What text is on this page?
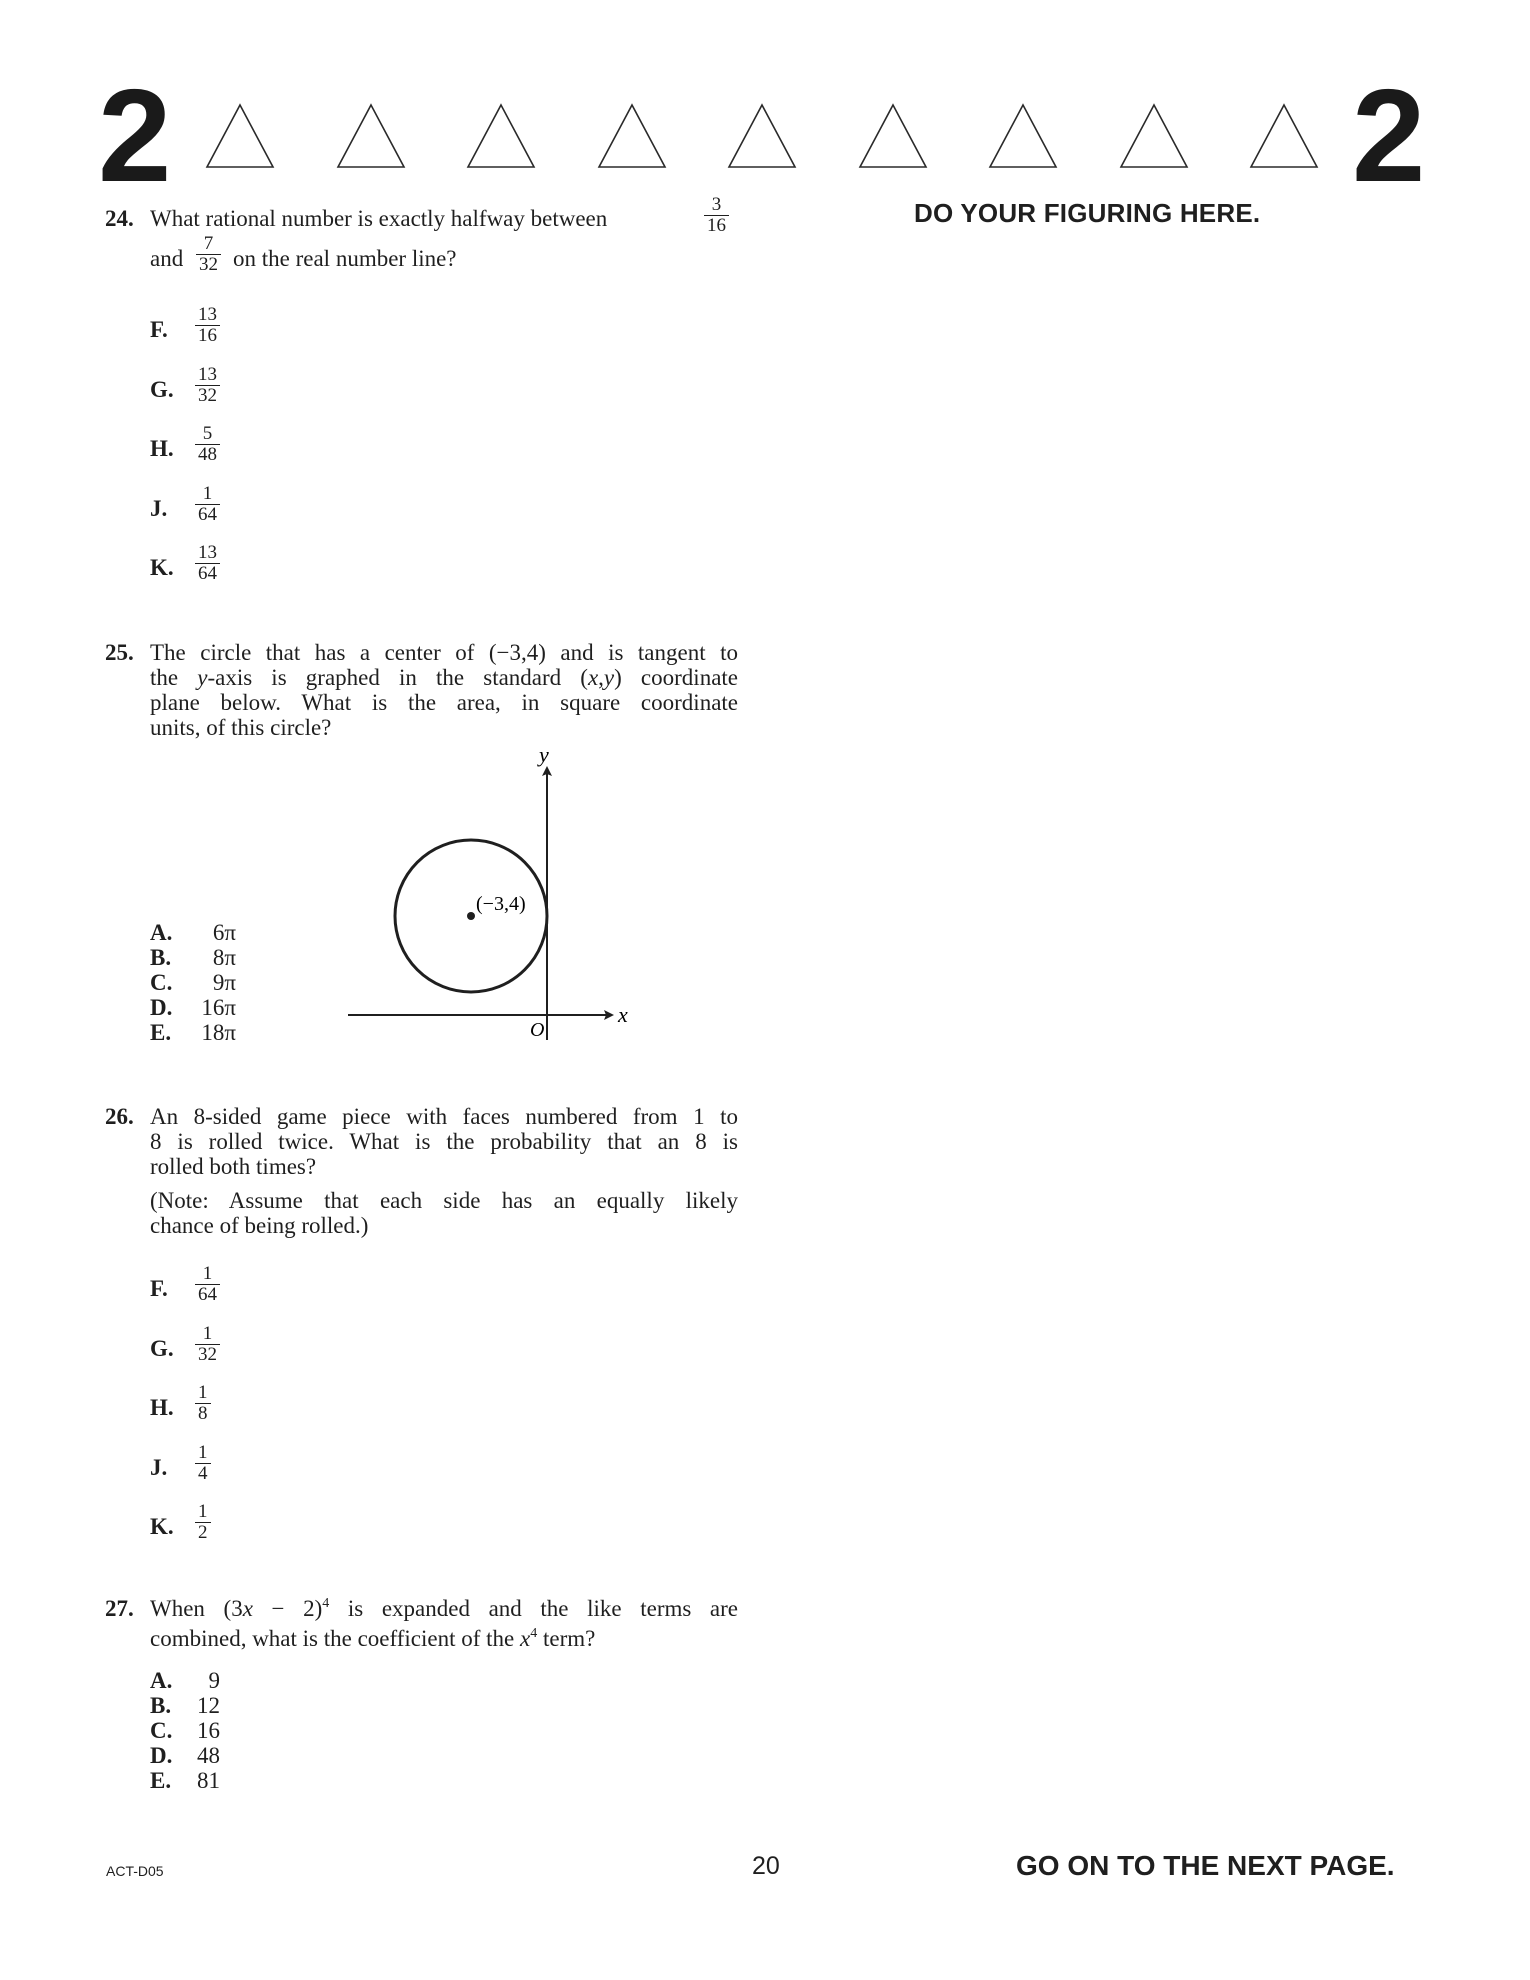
2	2
DO YOUR FIGURING HERE.
24. What rational number is exactly halfway between	$\frac{3}{16}$
and $\frac{7}{32}$ on the real number line?
F. $\frac{13}{16}$
G. $\frac{13}{32}$
H. $\frac{5}{48}$
J. $\frac{1}{64}$
K. $\frac{13}{64}$
25. The circle that has a center of (−3,4) and is tangent to
the y-axis is graphed in the standard (x,y) coordinate
plane below. What is the area, in square coordinate
units, of this circle?
y
x
O
(−3,4)
A.	6π
B.	8π
C.	9π
D.	16π
E.	18π
26. An 8-sided game piece with faces numbered from 1 to
8 is rolled twice. What is the probability that an 8 is
rolled both times?
(Note: Assume that each side has an equally likely
chance of being rolled.)
F. $\frac{1}{64}$
G. $\frac{1}{32}$
H. $\frac{1}{8}$
J. $\frac{1}{4}$
K. $\frac{1}{2}$
27. When $(3x - 2)^4$ is expanded and the like terms are
combined, what is the coefficient of the $x^4$ term?
A.	9
B.	12
C.	16
D.	48
E.	81
ACT-D05	20	GO ON TO THE NEXT PAGE.
